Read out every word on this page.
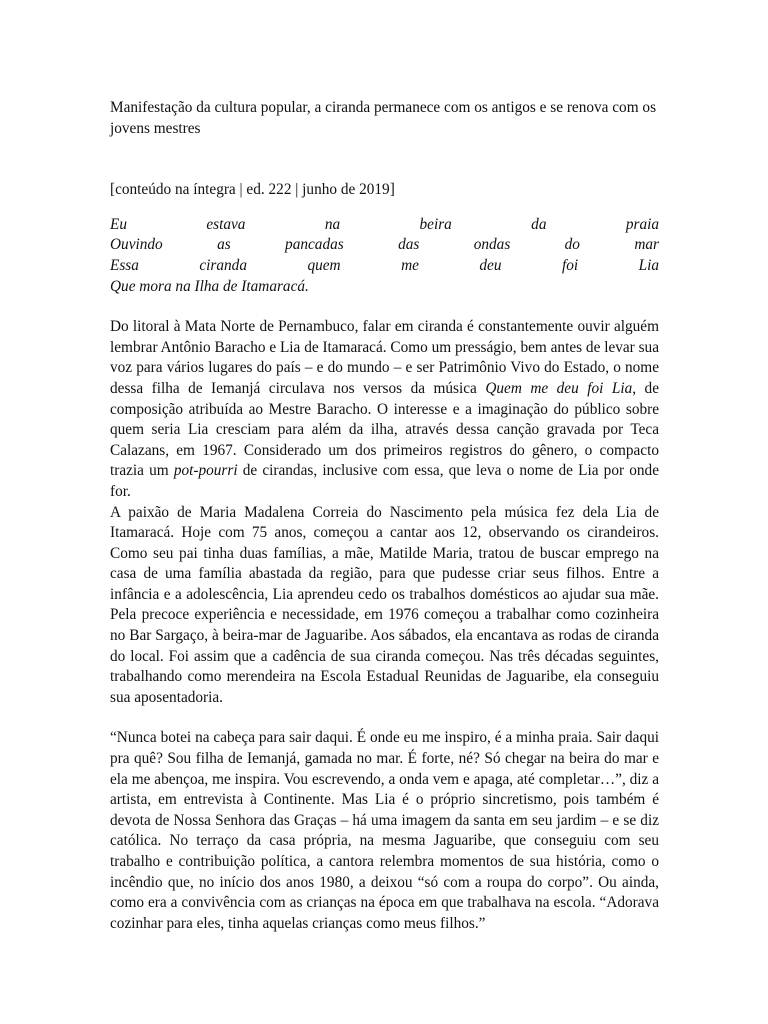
Manifestação da cultura popular, a ciranda permanece com os antigos e se renova com os jovens mestres

[conteúdo na íntegra | ed. 222 | junho de 2019]

Eu estava na beira da praia
Ouvindo as pancadas das ondas do mar
Essa ciranda quem me deu foi Lia
Que mora na Ilha de Itamaracá.

Do litoral à Mata Norte de Pernambuco, falar em ciranda é constantemente ouvir alguém lembrar Antônio Baracho e Lia de Itamaracá. Como um presságio, bem antes de levar sua voz para vários lugares do país – e do mundo – e ser Patrimônio Vivo do Estado, o nome dessa filha de Iemanjá circulava nos versos da música Quem me deu foi Lia, de composição atribuída ao Mestre Baracho. O interesse e a imaginação do público sobre quem seria Lia cresciam para além da ilha, através dessa canção gravada por Teca Calazans, em 1967. Considerado um dos primeiros registros do gênero, o compacto trazia um pot-pourri de cirandas, inclusive com essa, que leva o nome de Lia por onde for.

A paixão de Maria Madalena Correia do Nascimento pela música fez dela Lia de Itamaracá. Hoje com 75 anos, começou a cantar aos 12, observando os cirandeiros. Como seu pai tinha duas famílias, a mãe, Matilde Maria, tratou de buscar emprego na casa de uma família abastada da região, para que pudesse criar seus filhos. Entre a infância e a adolescência, Lia aprendeu cedo os trabalhos domésticos ao ajudar sua mãe. Pela precoce experiência e necessidade, em 1976 começou a trabalhar como cozinheira no Bar Sargaço, à beira-mar de Jaguaribe. Aos sábados, ela encantava as rodas de ciranda do local. Foi assim que a cadência de sua ciranda começou. Nas três décadas seguintes, trabalhando como merendeira na Escola Estadual Reunidas de Jaguaribe, ela conseguiu sua aposentadoria.

“Nunca botei na cabeça para sair daqui. É onde eu me inspiro, é a minha praia. Sair daqui pra quê? Sou filha de Iemanjá, gamada no mar. É forte, né? Só chegar na beira do mar e ela me abençoa, me inspira. Vou escrevendo, a onda vem e apaga, até completar…”, diz a artista, em entrevista à Continente. Mas Lia é o próprio sincretismo, pois também é devota de Nossa Senhora das Graças – há uma imagem da santa em seu jardim – e se diz católica. No terraço da casa própria, na mesma Jaguaribe, que conseguiu com seu trabalho e contribuição política, a cantora relembra momentos de sua história, como o incêndio que, no início dos anos 1980, a deixou “só com a roupa do corpo”. Ou ainda, como era a convivência com as crianças na época em que trabalhava na escola. “Adorava cozinhar para eles, tinha aquelas crianças como meus filhos.”
